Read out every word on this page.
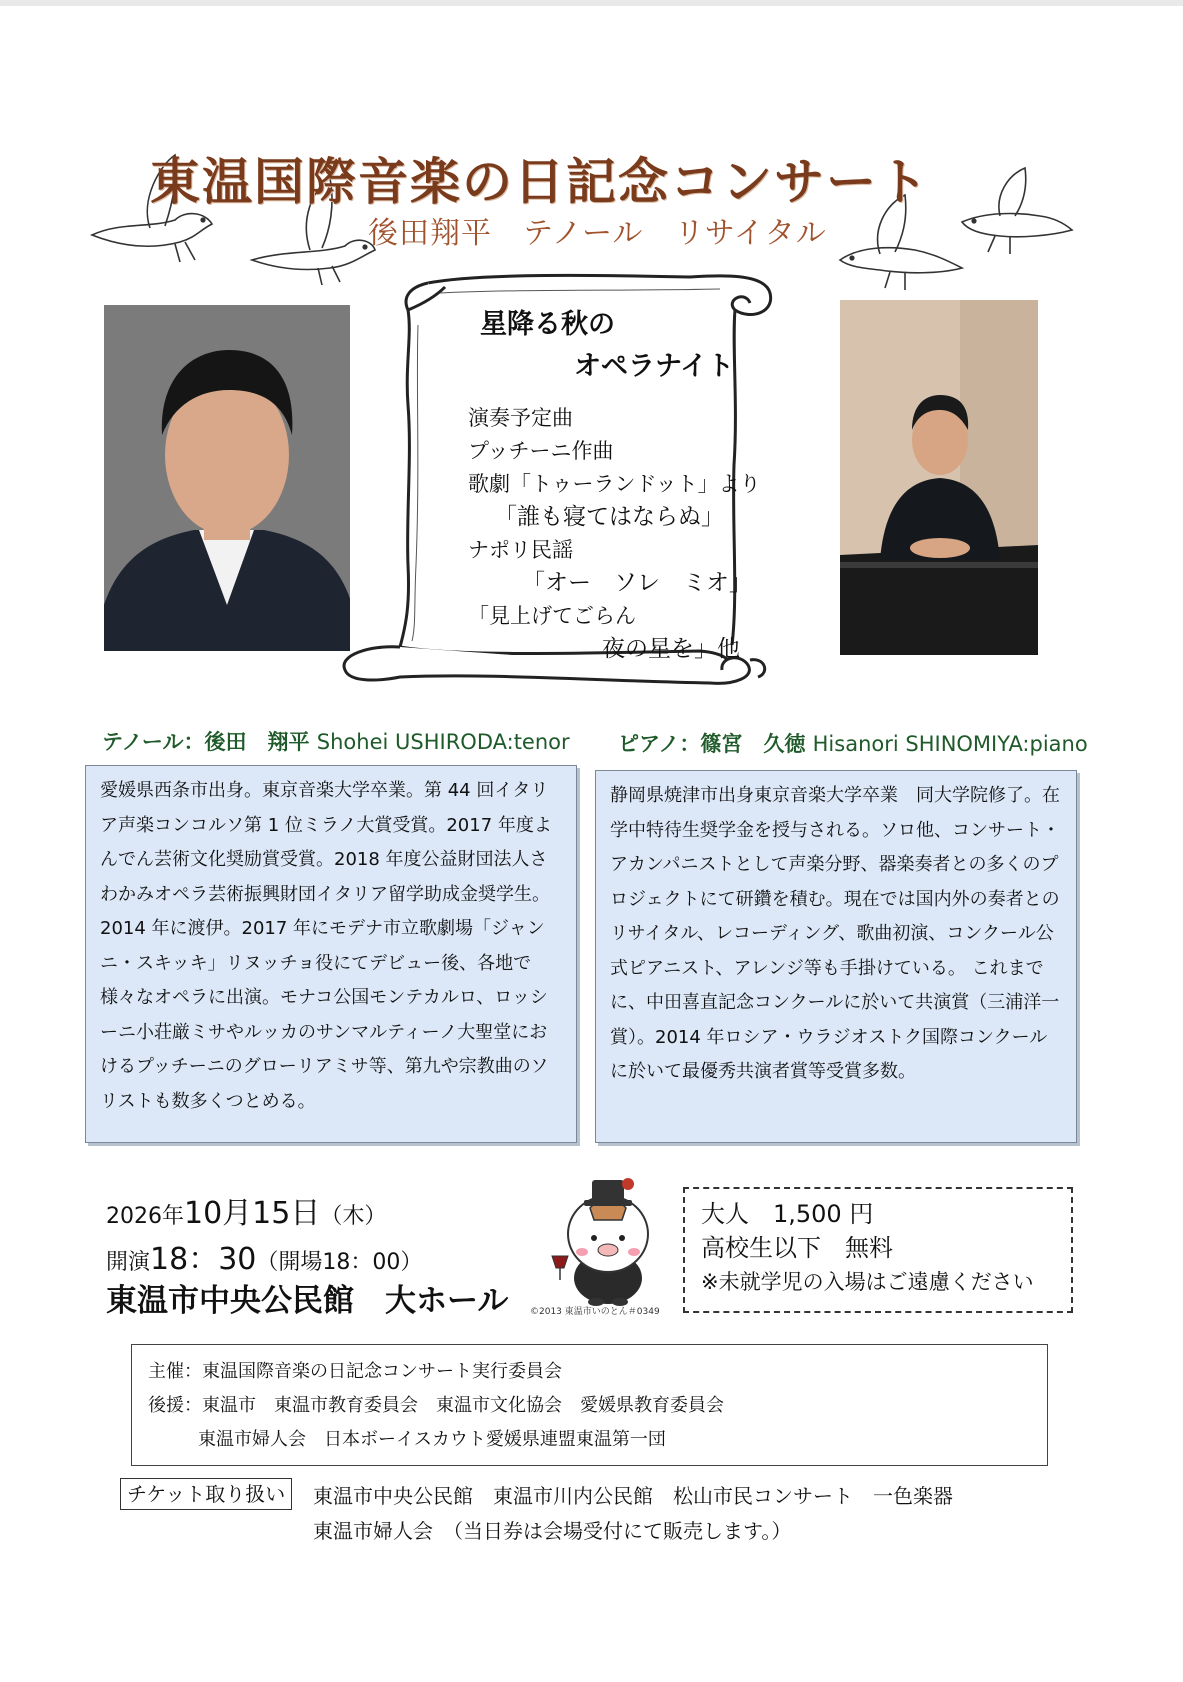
東温国際音楽の日記念コンサート
後田翔平　テノール　リサイタル
星降る秋の
オペラナイト
演奏予定曲
プッチーニ作曲
歌劇「トゥーランドット」より
「誰も寝てはならぬ」
ナポリ民謡
「オー　ソレ　ミオ」
「見上げてごらん
夜の星を」他
テノール：後田　翔平 Shohei USHIRODA:tenor ピアノ：篠宮　久徳 Hisanori SHINOMIYA:piano
愛媛県西条市出身。東京音楽大学卒業。第 44 回イタリア声楽コンコルソ第 1 位ミラノ大賞受賞。2017 年度よんでん芸術文化奨励賞受賞。2018 年度公益財団法人さわかみオペラ芸術振興財団イタリア留学助成金奨学生。2014 年に渡伊。2017 年にモデナ市立歌劇場「ジャンニ・スキッキ」リヌッチョ役にてデビュー後、各地で様々なオペラに出演。モナコ公国モンテカルロ、ロッシーニ小荘厳ミサやルッカのサンマルティーノ大聖堂におけるプッチーニのグローリアミサ等、第九や宗教曲のソリストも数多くつとめる。
静岡県焼津市出身東京音楽大学卒業　同大学院修了。在学中特待生奨学金を授与される。ソロ他、コンサート・アカンパニストとして声楽分野、器楽奏者との多くのプロジェクトにて研鑽を積む。現在では国内外の奏者とのリサイタル、レコーディング、歌曲初演、コンクール公式ピアニスト、アレンジ等も手掛けている。 これまでに、中田喜直記念コンクールに於いて共演賞（三浦洋一賞）。2014 年ロシア・ウラジオストク国際コンクールに於いて最優秀共演者賞等受賞多数。
2026年10月15日（木）
開演18：30（開場18：00）
東温市中央公民館　大ホール ©2013 東温市いのとん＃0349
大人　1,500 円
高校生以下　無料
※未就学児の入場はご遠慮ください
主催：東温国際音楽の日記念コンサート実行委員会
後援：東温市　東温市教育委員会　東温市文化協会　愛媛県教育委員会
東温市婦人会　日本ボーイスカウト愛媛県連盟東温第一団
チケット取り扱い	東温市中央公民館　東温市川内公民館　松山市民コンサート　一色楽器
東温市婦人会　（当日券は会場受付にて販売します。）
